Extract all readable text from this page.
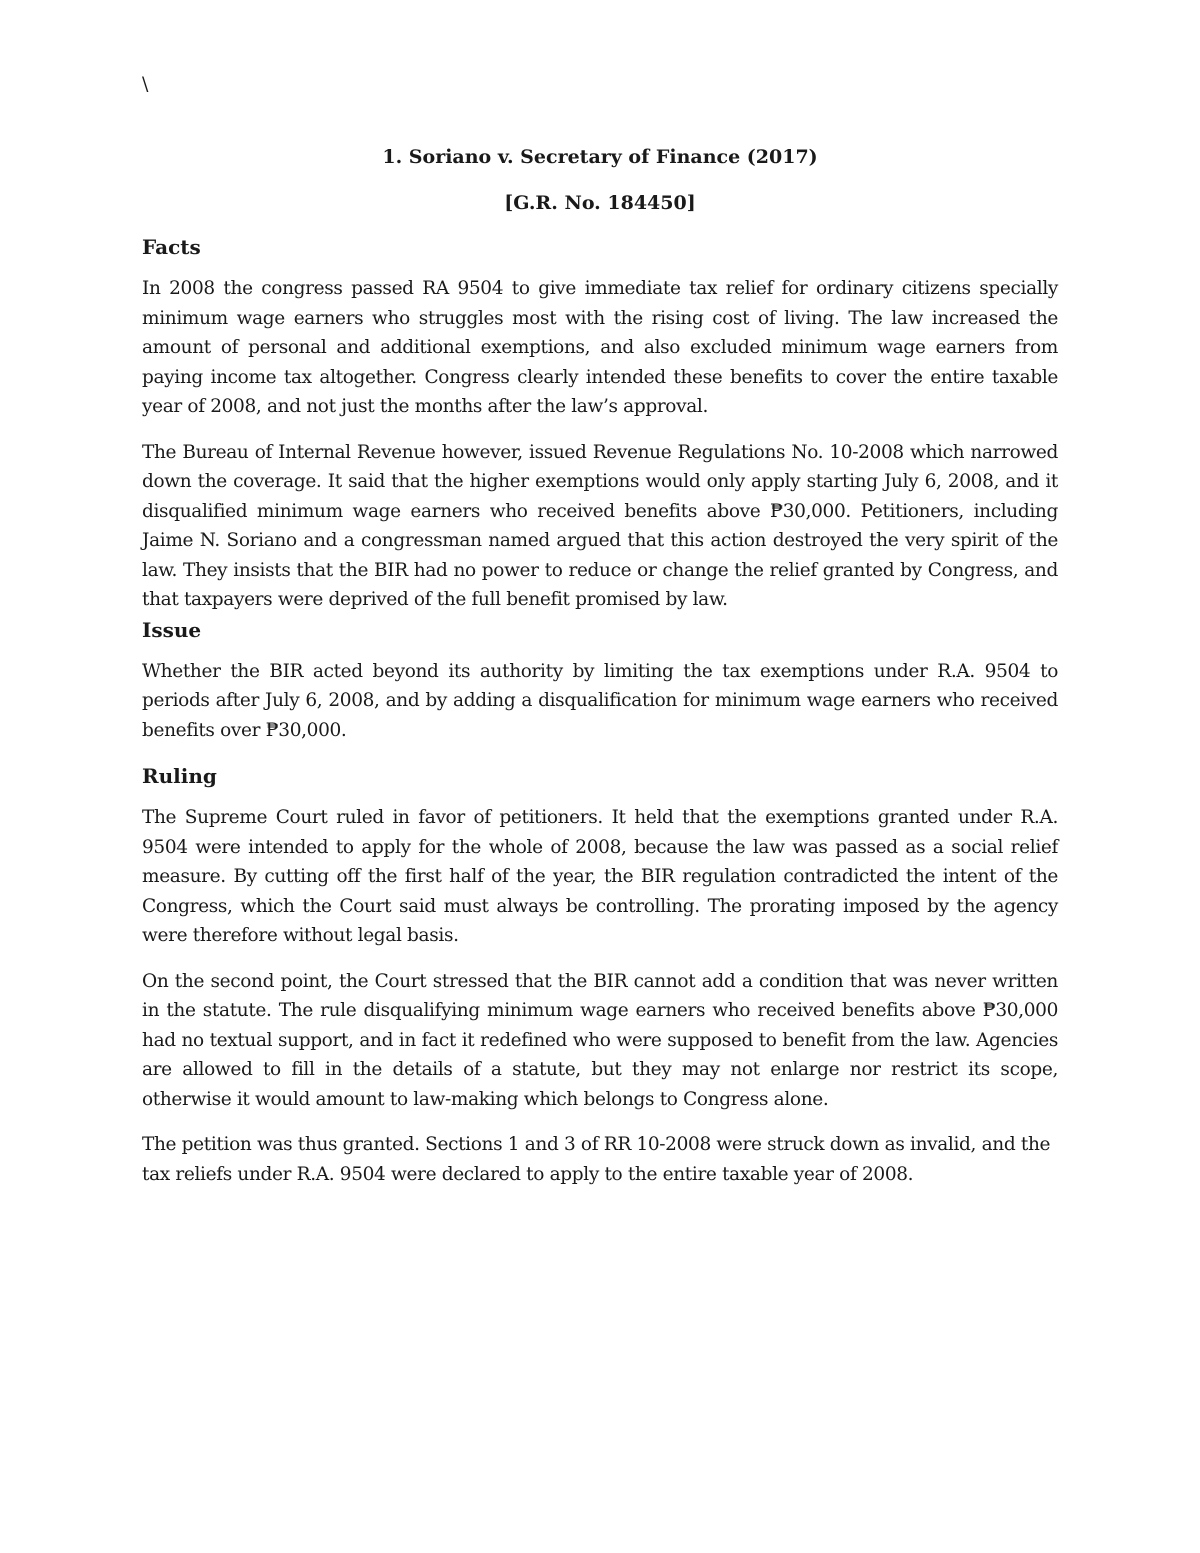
\
1. Soriano v. Secretary of Finance (2017)
[G.R. No. 184450]
Facts

In 2008 the congress passed RA 9504 to give immediate tax relief for ordinary citizens specially minimum wage earners who struggles most with the rising cost of living. The law increased the amount of personal and additional exemptions, and also excluded minimum wage earners from paying income tax altogether. Congress clearly intended these benefits to cover the entire taxable year of 2008, and not just the months after the law’s approval.

The Bureau of Internal Revenue however, issued Revenue Regulations No. 10-2008 which narrowed down the coverage. It said that the higher exemptions would only apply starting July 6, 2008, and it disqualified minimum wage earners who received benefits above ₱30,000. Petitioners, including Jaime N. Soriano and a congressman named argued that this action destroyed the very spirit of the law. They insists that the BIR had no power to reduce or change the relief granted by Congress, and that taxpayers were deprived of the full benefit promised by law.

Issue

Whether the BIR acted beyond its authority by limiting the tax exemptions under R.A. 9504 to periods after July 6, 2008, and by adding a disqualification for minimum wage earners who received benefits over ₱30,000.

Ruling

The Supreme Court ruled in favor of petitioners. It held that the exemptions granted under R.A. 9504 were intended to apply for the whole of 2008, because the law was passed as a social relief measure. By cutting off the first half of the year, the BIR regulation contradicted the intent of the Congress, which the Court said must always be controlling. The prorating imposed by the agency were therefore without legal basis.

On the second point, the Court stressed that the BIR cannot add a condition that was never written in the statute. The rule disqualifying minimum wage earners who received benefits above ₱30,000 had no textual support, and in fact it redefined who were supposed to benefit from the law. Agencies are allowed to fill in the details of a statute, but they may not enlarge nor restrict its scope, otherwise it would amount to law-making which belongs to Congress alone.

The petition was thus granted. Sections 1 and 3 of RR 10-2008 were struck down as invalid, and the tax reliefs under R.A. 9504 were declared to apply to the entire taxable year of 2008.
